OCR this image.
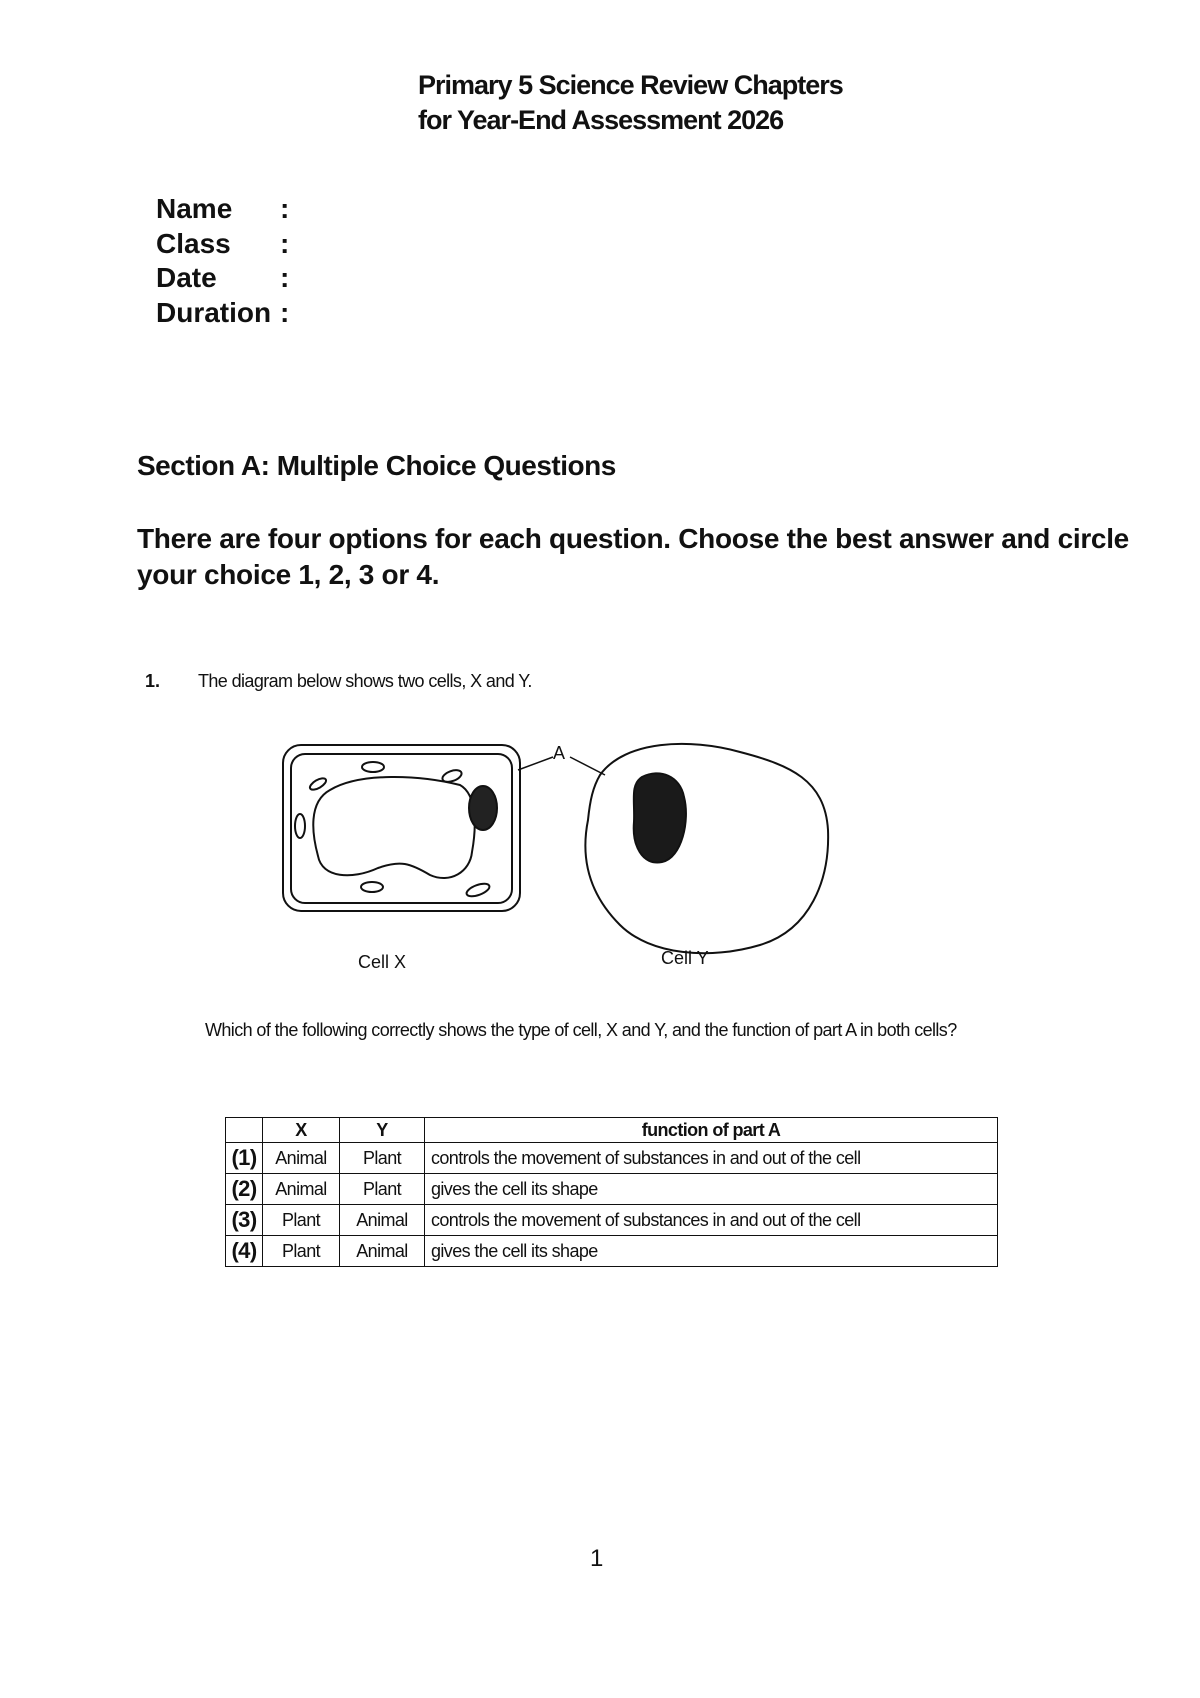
Primary 5 Science Review Chapters
for Year-End Assessment 2026
Name	:
Class	:
Date	:
Duration :
Section A: Multiple Choice Questions
There are four options for each question. Choose the best answer and circle your choice 1, 2, 3 or 4.
1. The diagram below shows two cells, X and Y.
A
Cell X	Cell Y
Which of the following correctly shows the type of cell, X and Y, and the function of part A in both cells?
	X	Y	function of part A
(1)	Animal	Plant	controls the movement of substances in and out of the cell
(2)	Animal	Plant	gives the cell its shape
(3)	Plant	Animal	controls the movement of substances in and out of the cell
(4)	Plant	Animal	gives the cell its shape
1
